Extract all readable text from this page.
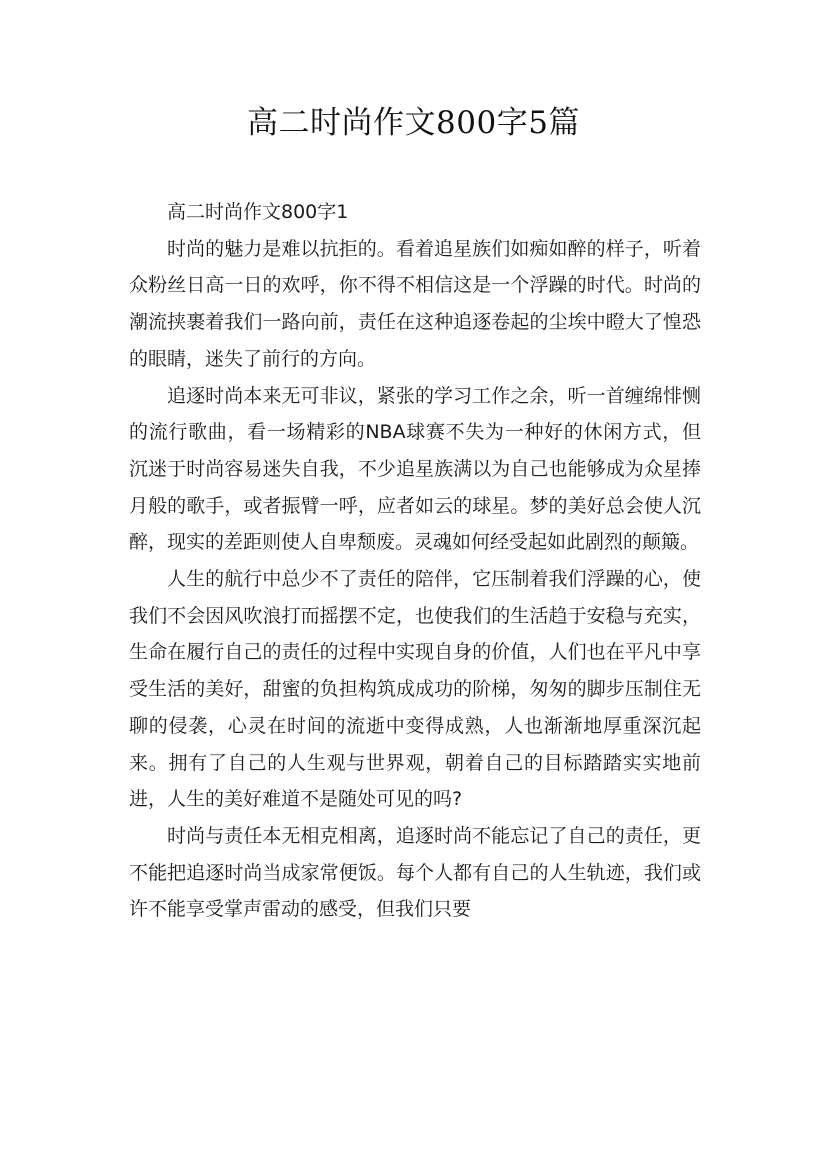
高二时尚作文800字5篇

高二时尚作文800字1

时尚的魅力是难以抗拒的。看着追星族们如痴如醉的样子，听着众粉丝日高一日的欢呼，你不得不相信这是一个浮躁的时代。时尚的潮流挟裹着我们一路向前，责任在这种追逐卷起的尘埃中瞪大了惶恐的眼睛，迷失了前行的方向。

追逐时尚本来无可非议，紧张的学习工作之余，听一首缠绵悱恻的流行歌曲，看一场精彩的NBA球赛不失为一种好的休闲方式，但沉迷于时尚容易迷失自我，不少追星族满以为自己也能够成为众星捧月般的歌手，或者振臂一呼，应者如云的球星。梦的美好总会使人沉醉，现实的差距则使人自卑颓废。灵魂如何经受起如此剧烈的颠簸。

人生的航行中总少不了责任的陪伴，它压制着我们浮躁的心，使我们不会因风吹浪打而摇摆不定，也使我们的生活趋于安稳与充实，生命在履行自己的责任的过程中实现自身的价值，人们也在平凡中享受生活的美好，甜蜜的负担构筑成成功的阶梯，匆匆的脚步压制住无聊的侵袭，心灵在时间的流逝中变得成熟，人也渐渐地厚重深沉起来。拥有了自己的人生观与世界观，朝着自己的目标踏踏实实地前进，人生的美好难道不是随处可见的吗?

时尚与责任本无相克相离，追逐时尚不能忘记了自己的责任，更不能把追逐时尚当成家常便饭。每个人都有自己的人生轨迹，我们或许不能享受掌声雷动的感受，但我们只要
